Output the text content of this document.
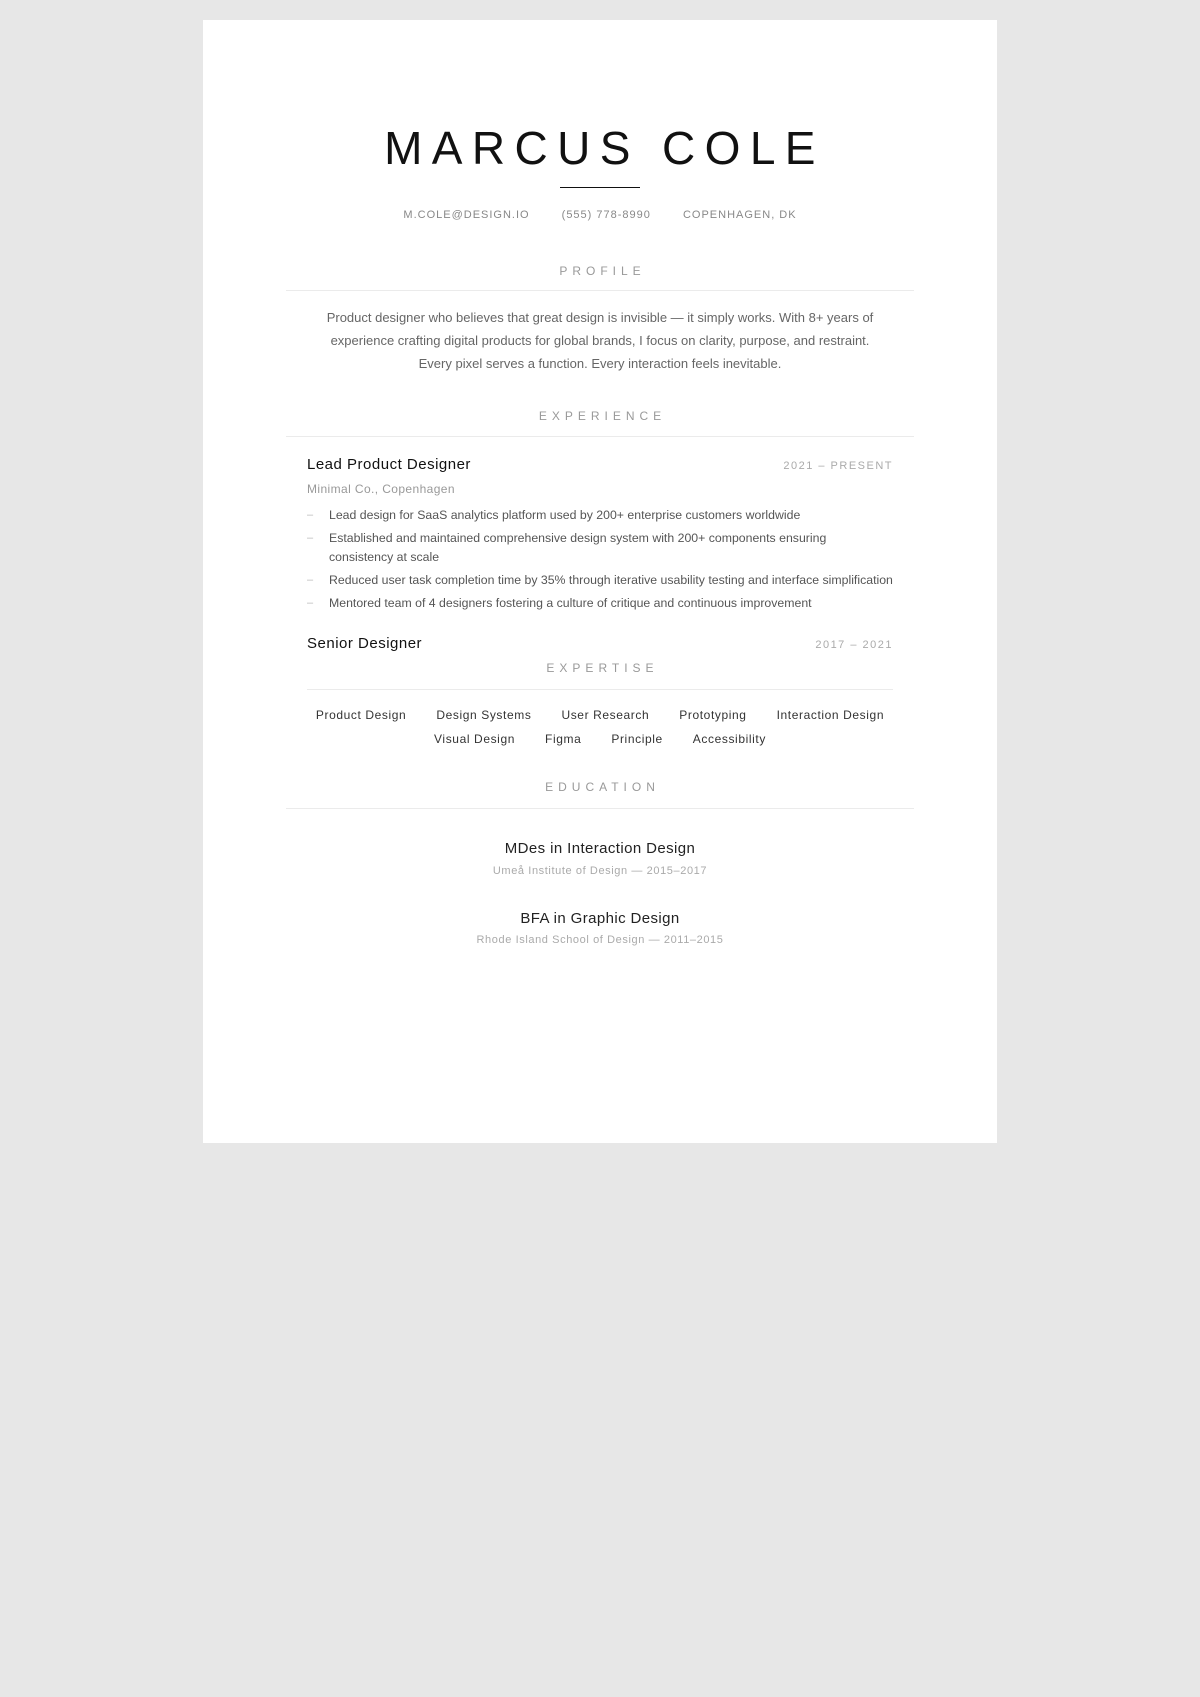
MARCUS COLE
M.COLE@DESIGN.IO	(555) 778-8990	COPENHAGEN, DK
PROFILE
Product designer who believes that great design is invisible — it simply works. With 8+ years of experience crafting digital products for global brands, I focus on clarity, purpose, and restraint. Every pixel serves a function. Every interaction feels inevitable.
EXPERIENCE
Lead Product Designer	2021 – PRESENT
Minimal Co., Copenhagen
– Lead design for SaaS analytics platform used by 200+ enterprise customers worldwide
– Established and maintained comprehensive design system with 200+ components ensuring consistency at scale
– Reduced user task completion time by 35% through iterative usability testing and interface simplification
– Mentored team of 4 designers fostering a culture of critique and continuous improvement
Senior Designer	2017 – 2021
EXPERTISE
Product Design	Design Systems	User Research	Prototyping	Interaction Design
Visual Design	Figma	Principle	Accessibility
EDUCATION
MDes in Interaction Design
Umeå Institute of Design — 2015–2017
BFA in Graphic Design
Rhode Island School of Design — 2011–2015
